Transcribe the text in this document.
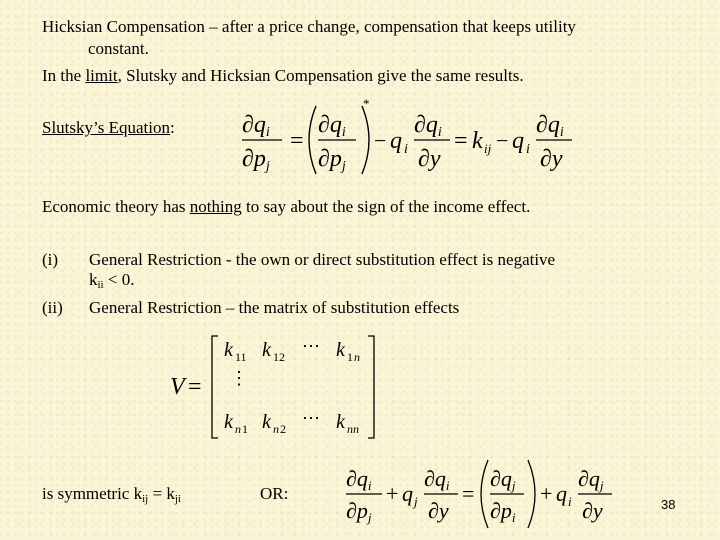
Hicksian Compensation – after a price change, compensation that keeps utility
constant.
In the limit, Slutsky and Hicksian Compensation give the same results.
Slutsky’s Equation:	∂qi
∂pj
=
∂qi
∂pj
*
− q i
∂qi
∂y
= k ij − q i
∂qi
∂y
Economic theory has nothing to say about the sign of the income effect.
(i) General Restriction - the own or direct substitution effect is negative
$k_{ii} < 0$.
(ii) General Restriction – the matrix of substitution effects
V =
k 11 k 12
⋯ k 1 n
⋮
k n 1 k n 2
⋯ k nn
is symmetric $k_{ij} = k_{ji}$	OR:
∂qi
∂pj
+ q j
∂qi
∂y
=
∂qj
∂pi
+ q i
∂qj
∂y	38
